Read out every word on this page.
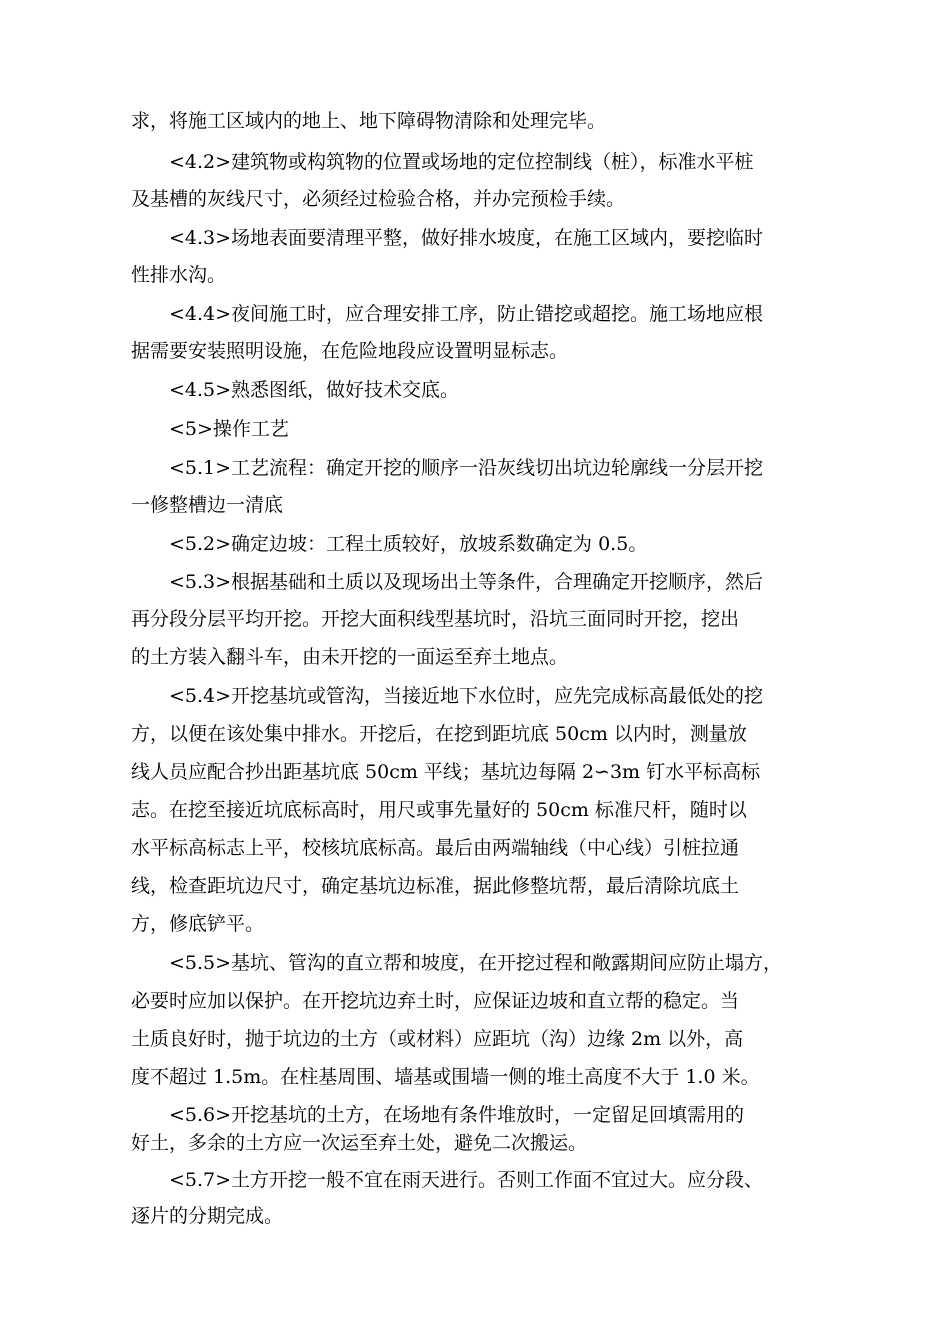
求，将施工区域内的地上、地下障碍物清除和处理完毕。
<4.2>建筑物或构筑物的位置或场地的定位控制线（桩），标准水平桩
及基槽的灰线尺寸，必须经过检验合格，并办完预检手续。
<4.3>场地表面要清理平整，做好排水坡度，在施工区域内，要挖临时
性排水沟。
<4.4>夜间施工时，应合理安排工序，防止错挖或超挖。施工场地应根
据需要安装照明设施，在危险地段应设置明显标志。
<4.5>熟悉图纸，做好技术交底。
<5>操作工艺
<5.1>工艺流程：确定开挖的顺序一沿灰线切出坑边轮廓线一分层开挖
一修整槽边一清底
<5.2>确定边坡：工程土质较好，放坡系数确定为 0.5。
<5.3>根据基础和土质以及现场出土等条件，合理确定开挖顺序，然后
再分段分层平均开挖。开挖大面积线型基坑时，沿坑三面同时开挖，挖出
的土方装入翻斗车，由未开挖的一面运至弃土地点。
<5.4>开挖基坑或管沟，当接近地下水位时，应先完成标高最低处的挖
方，以便在该处集中排水。开挖后，在挖到距坑底 50cm 以内时，测量放
线人员应配合抄出距基坑底 50cm 平线；基坑边每隔 2∽3m 钉水平标高标
志。在挖至接近坑底标高时，用尺或事先量好的 50cm 标准尺杆，随时以
水平标高标志上平，校核坑底标高。最后由两端轴线（中心线）引桩拉通
线，检查距坑边尺寸，确定基坑边标准，据此修整坑帮，最后清除坑底土
方，修底铲平。
<5.5>基坑、管沟的直立帮和坡度，在开挖过程和敞露期间应防止塌方，
必要时应加以保护。在开挖坑边弃土时，应保证边坡和直立帮的稳定。当
土质良好时，抛于坑边的土方（或材料）应距坑（沟）边缘 2m 以外，高
度不超过 1.5m。在柱基周围、墙基或围墙一侧的堆土高度不大于 1.0 米。
<5.6>开挖基坑的土方，在场地有条件堆放时，一定留足回填需用的
好土，多余的土方应一次运至弃土处，避免二次搬运。
<5.7>土方开挖一般不宜在雨天进行。否则工作面不宜过大。应分段、
逐片的分期完成。
